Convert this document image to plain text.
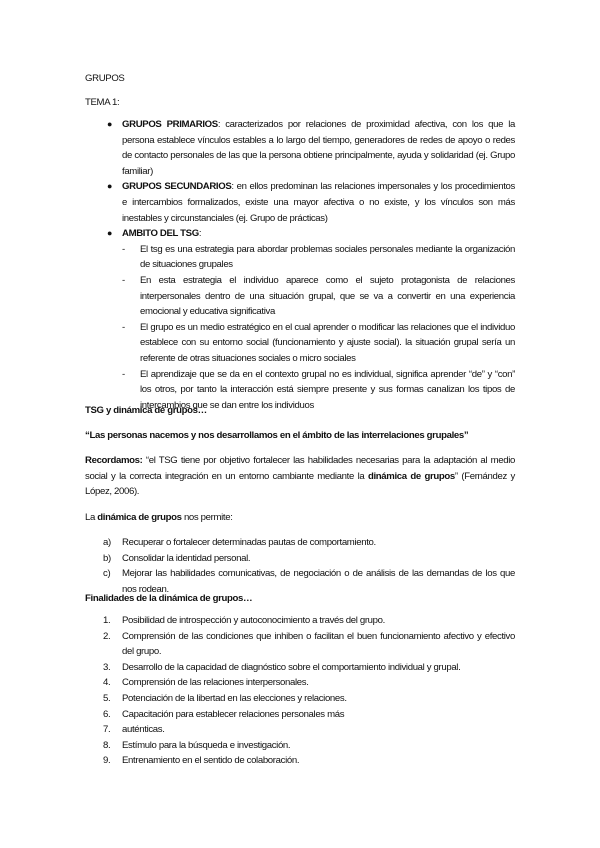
GRUPOS
TEMA 1:
● GRUPOS PRIMARIOS: caracterizados por relaciones de proximidad afectiva, con los que la persona establece vínculos estables a lo largo del tiempo, generadores de redes de apoyo o redes de contacto personales de las que la persona obtiene principalmente, ayuda y solidaridad (ej. Grupo familiar)
● GRUPOS SECUNDARIOS: en ellos predominan las relaciones impersonales y los procedimientos e intercambios formalizados, existe una mayor afectiva o no existe, y los vínculos son más inestables y circunstanciales (ej. Grupo de prácticas)
● AMBITO DEL TSG:
- El tsg es una estrategia para abordar problemas sociales personales mediante la organización de situaciones grupales
- En esta estrategia el individuo aparece como el sujeto protagonista de relaciones interpersonales dentro de una situación grupal, que se va a convertir en una experiencia emocional y educativa significativa
- El grupo es un medio estratégico en el cual aprender o modificar las relaciones que el individuo establece con su entorno social (funcionamiento y ajuste social). la situación grupal sería un referente de otras situaciones sociales o micro sociales
- El aprendizaje que se da en el contexto grupal no es individual, significa aprender “de” y “con” los otros, por tanto la interacción está siempre presente y sus formas canalizan los tipos de intercambios que se dan entre los individuos
TSG y dinámica de grupos…
“Las personas nacemos y nos desarrollamos en el ámbito de las interrelaciones grupales”
Recordamos: “el TSG tiene por objetivo fortalecer las habilidades necesarias para la adaptación al medio social y la correcta integración en un entorno cambiante mediante la dinámica de grupos” (Fernández y López, 2006).
La dinámica de grupos nos permite:
a) Recuperar o fortalecer determinadas pautas de comportamiento.
b) Consolidar la identidad personal.
c) Mejorar las habilidades comunicativas, de negociación o de análisis de las demandas de los que nos rodean.
Finalidades de la dinámica de grupos…
1. Posibilidad de introspección y autoconocimiento a través del grupo.
2. Comprensión de las condiciones que inhiben o facilitan el buen funcionamiento afectivo y efectivo del grupo.
3. Desarrollo de la capacidad de diagnóstico sobre el comportamiento individual y grupal.
4. Comprensión de las relaciones interpersonales.
5. Potenciación de la libertad en las elecciones y relaciones.
6. Capacitación para establecer relaciones personales más
7. auténticas.
8. Estímulo para la búsqueda e investigación.
9. Entrenamiento en el sentido de colaboración.
